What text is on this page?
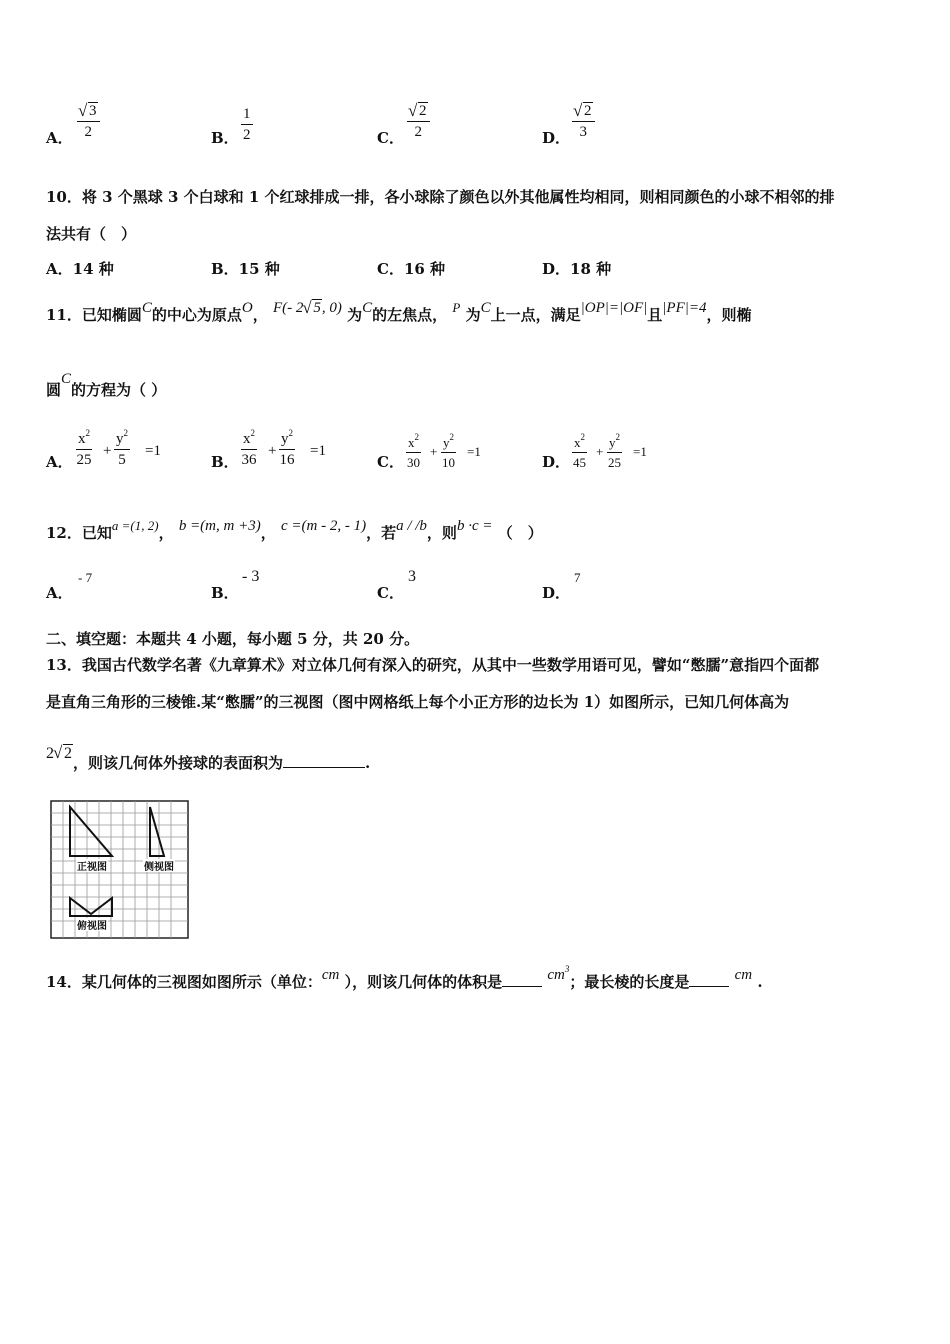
A． √ $\frac{3}{2}$	B． $\frac{1}{2}$	C． √ $\frac{2}{2}$	D． √ $\frac{2}{3}$
10．将 3 个黑球 3 个白球和 1 个红球排成一排，各小球除了颜色以外其他属性均相同，则相同颜色的小球不相邻的排
法共有（　）
A．14 种	B．15 种	C．16 种	D．18 种
11．已知椭圆C的中心为原点O， F(- 2 √ 5, 0) 为C的左焦点， P 为C上一点，满足|OP|=|OF|且|PF|=4，则椭
圆C的方程为（ ）
A． $\frac{x^2}{25} + \frac{y^2}{5} =1$
B． $\frac{x^2}{36} + \frac{y^2}{16} =1$
C． $\frac{x^2}{30} + \frac{y^2}{10} =1$
D． $\frac{x^2}{45} + \frac{y^2}{25} =1$
12．已知a =(1, 2)， b =(m, m +3)， c =(m - 2, - 1)，若a / /b，则b ·c = （　）
A．
- 7
B．
- 3
C．
3
D．
7
二、填空题：本题共 4 小题，每小题 5 分，共 20 分。
13．我国古代数学名著《九章算术》对立体几何有深入的研究，从其中一些数学用语可见，譬如“憋臑”意指四个面都
是直角三角形的三棱锥.某“憋臑”的三视图（图中网格纸上每个小正方形的边长为 1）如图所示，已知几何体高为
2 √ 2，则该几何体外接球的表面积为	.
正视图	侧视图
俯视图
14．某几何体的三视图如图所示（单位：cm ），则该几何体的体积是	$cm^3$；最长棱的长度是	cm .
